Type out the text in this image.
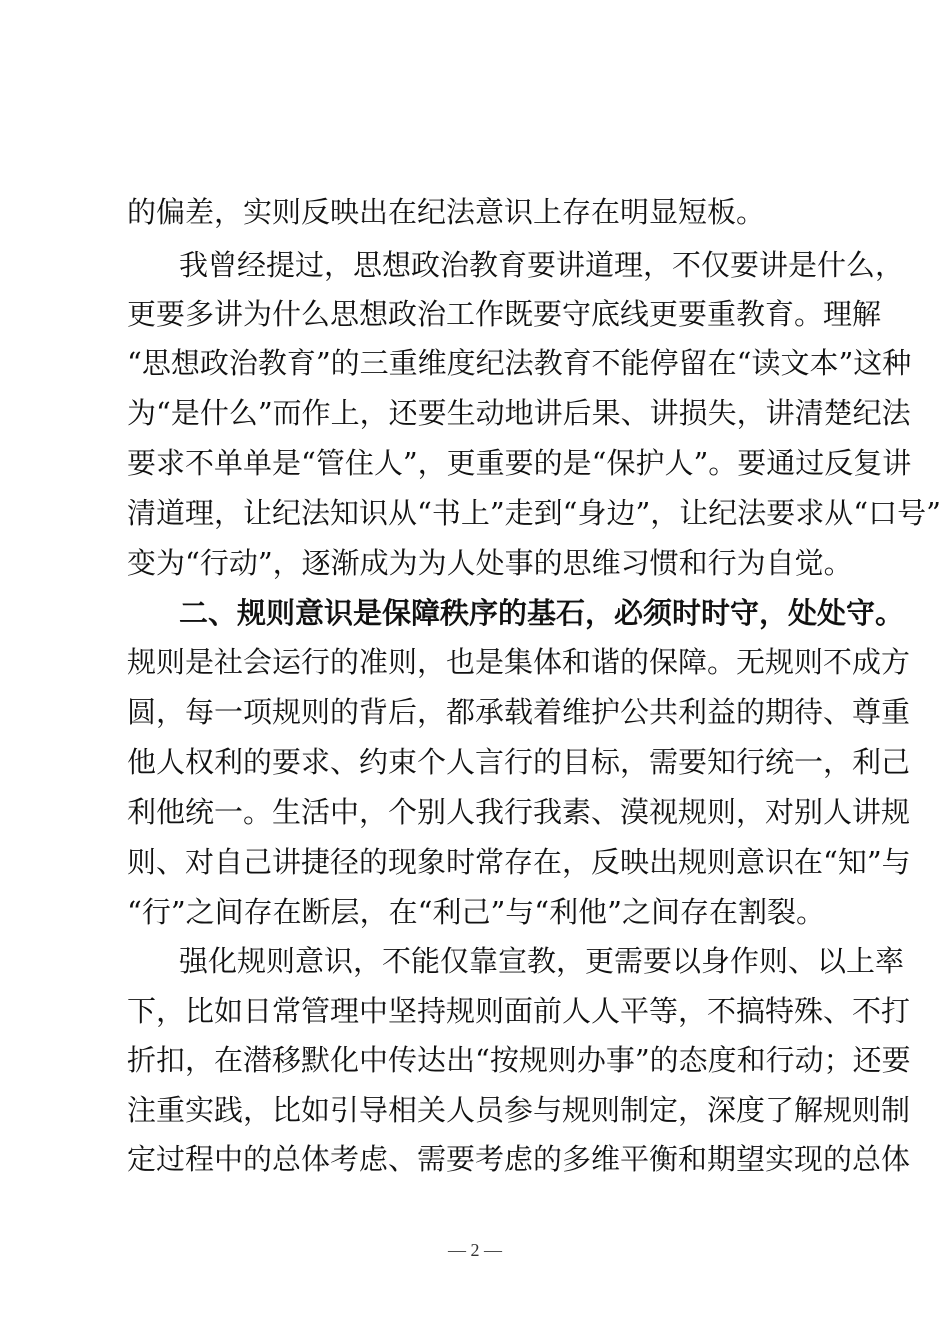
的偏差，实则反映出在纪法意识上存在明显短板。
我曾经提过，思想政治教育要讲道理，不仅要讲是什么，
更要多讲为什么思想政治工作既要守底线更要重教育。理解
“思想政治教育”的三重维度纪法教育不能停留在“读文本”这种
为“是什么”而作上，还要生动地讲后果、讲损失，讲清楚纪法
要求不单单是“管住人”，更重要的是“保护人”。要通过反复讲
清道理，让纪法知识从“书上”走到“身边”，让纪法要求从“口号”
变为“行动”，逐渐成为为人处事的思维习惯和行为自觉。
二、规则意识是保障秩序的基石，必须时时守，处处守。
规则是社会运行的准则，也是集体和谐的保障。无规则不成方
圆，每一项规则的背后，都承载着维护公共利益的期待、尊重
他人权利的要求、约束个人言行的目标，需要知行统一，利己
利他统一。生活中，个别人我行我素、漠视规则，对别人讲规
则、对自己讲捷径的现象时常存在，反映出规则意识在“知”与
“行”之间存在断层，在“利己”与“利他”之间存在割裂。
强化规则意识，不能仅靠宣教，更需要以身作则、以上率
下，比如日常管理中坚持规则面前人人平等，不搞特殊、不打
折扣，在潜移默化中传达出“按规则办事”的态度和行动；还要
注重实践，比如引导相关人员参与规则制定，深度了解规则制
定过程中的总体考虑、需要考虑的多维平衡和期望实现的总体
— 2 —
